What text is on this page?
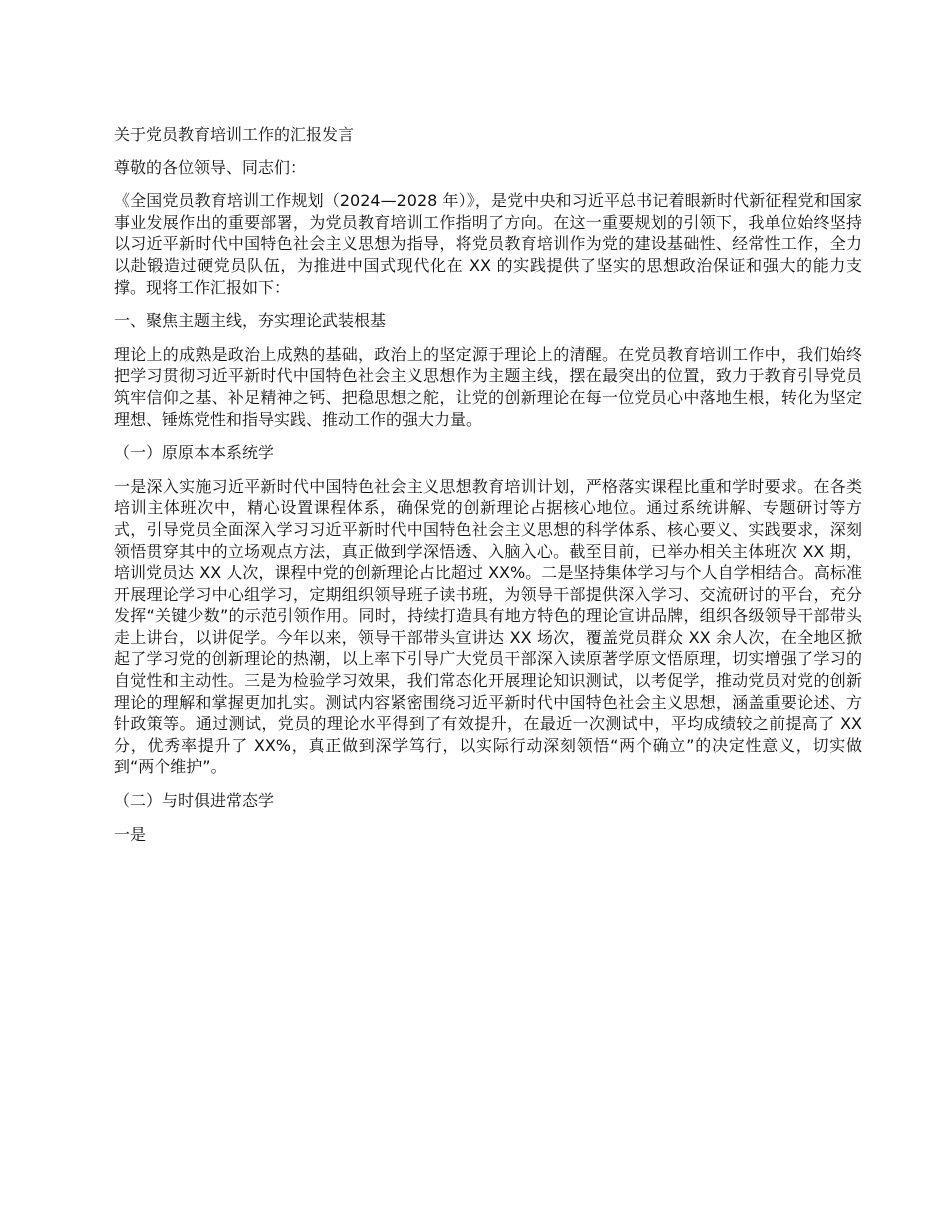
关于党员教育培训工作的汇报发言

尊敬的各位领导、同志们：

《全国党员教育培训工作规划（2024—2028 年）》，是党中央和习近平总书记着眼新时代新征程党和国家事业发展作出的重要部署，为党员教育培训工作指明了方向。在这一重要规划的引领下，我单位始终坚持以习近平新时代中国特色社会主义思想为指导，将党员教育培训作为党的建设基础性、经常性工作，全力以赴锻造过硬党员队伍，为推进中国式现代化在 XX 的实践提供了坚实的思想政治保证和强大的能力支撑。现将工作汇报如下：

一、聚焦主题主线，夯实理论武装根基

理论上的成熟是政治上成熟的基础，政治上的坚定源于理论上的清醒。在党员教育培训工作中，我们始终把学习贯彻习近平新时代中国特色社会主义思想作为主题主线，摆在最突出的位置，致力于教育引导党员筑牢信仰之基、补足精神之钙、把稳思想之舵，让党的创新理论在每一位党员心中落地生根，转化为坚定理想、锤炼党性和指导实践、推动工作的强大力量。

（一）原原本本系统学

一是深入实施习近平新时代中国特色社会主义思想教育培训计划，严格落实课程比重和学时要求。在各类培训主体班次中，精心设置课程体系，确保党的创新理论占据核心地位。通过系统讲解、专题研讨等方式，引导党员全面深入学习习近平新时代中国特色社会主义思想的科学体系、核心要义、实践要求，深刻领悟贯穿其中的立场观点方法，真正做到学深悟透、入脑入心。截至目前，已举办相关主体班次 XX 期，培训党员达 XX 人次，课程中党的创新理论占比超过 XX%。二是坚持集体学习与个人自学相结合。高标准开展理论学习中心组学习，定期组织领导班子读书班，为领导干部提供深入学习、交流研讨的平台，充分发挥“关键少数”的示范引领作用。同时，持续打造具有地方特色的理论宣讲品牌，组织各级领导干部带头走上讲台，以讲促学。今年以来，领导干部带头宣讲达 XX 场次，覆盖党员群众 XX 余人次，在全地区掀起了学习党的创新理论的热潮，以上率下引导广大党员干部深入读原著学原文悟原理，切实增强了学习的自觉性和主动性。三是为检验学习效果，我们常态化开展理论知识测试，以考促学，推动党员对党的创新理论的理解和掌握更加扎实。测试内容紧密围绕习近平新时代中国特色社会主义思想，涵盖重要论述、方针政策等。通过测试，党员的理论水平得到了有效提升，在最近一次测试中，平均成绩较之前提高了 XX 分，优秀率提升了 XX%，真正做到深学笃行，以实际行动深刻领悟“两个确立”的决定性意义，切实做到“两个维护”。

（二）与时俱进常态学

一是
